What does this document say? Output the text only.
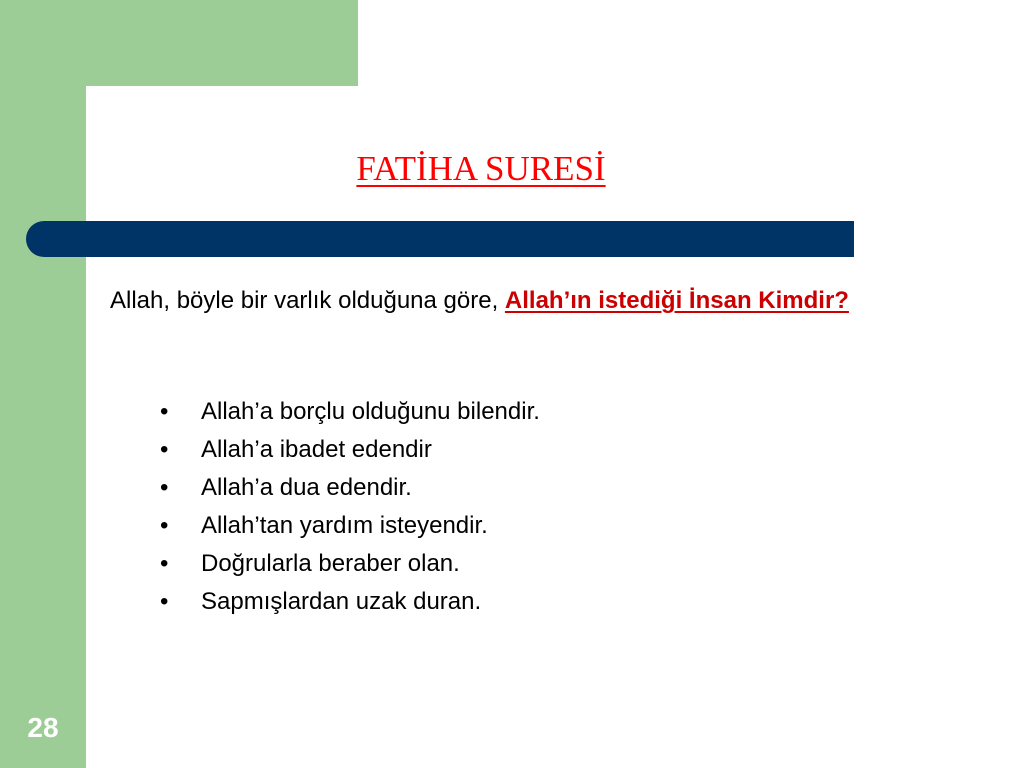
FATİHA SURESİ

Allah, böyle bir varlık olduğuna göre, Allah’ın istediği İnsan Kimdir?

• Allah’a borçlu olduğunu bilendir.
• Allah’a ibadet edendir
• Allah’a dua edendir.
• Allah’tan yardım isteyendir.
• Doğrularla beraber olan.
• Sapmışlardan uzak duran.
28
